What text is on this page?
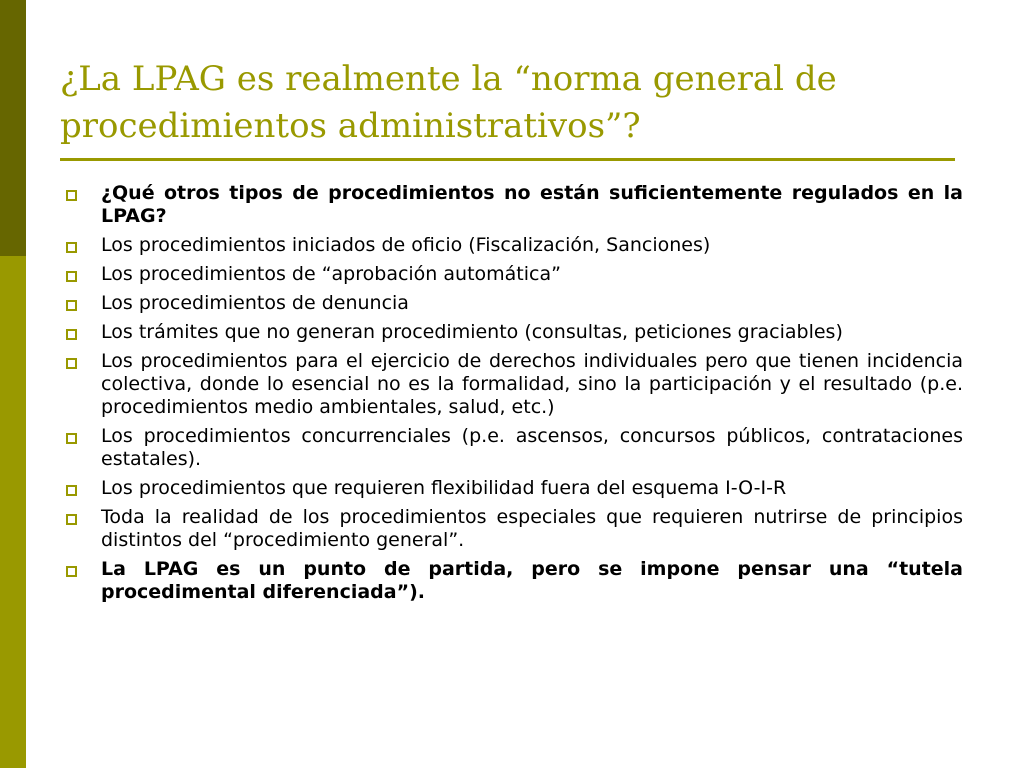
¿La LPAG es realmente la “norma general de procedimientos administrativos”?
¿Qué otros tipos de procedimientos no están suficientemente regulados en la LPAG?
Los procedimientos iniciados de oficio (Fiscalización, Sanciones)
Los procedimientos de “aprobación automática”
Los procedimientos de denuncia
Los trámites que no generan procedimiento (consultas, peticiones graciables)
Los procedimientos para el ejercicio de derechos individuales pero que tienen incidencia colectiva, donde lo esencial no es la formalidad, sino la participación y el resultado (p.e. procedimientos medio ambientales, salud, etc.)
Los procedimientos concurrenciales (p.e. ascensos, concursos públicos, contrataciones estatales).
Los procedimientos que requieren flexibilidad fuera del esquema I-O-I-R
Toda la realidad de los procedimientos especiales que requieren nutrirse de principios distintos del “procedimiento general”.
La LPAG es un punto de partida, pero se impone pensar una “tutela procedimental diferenciada”).
